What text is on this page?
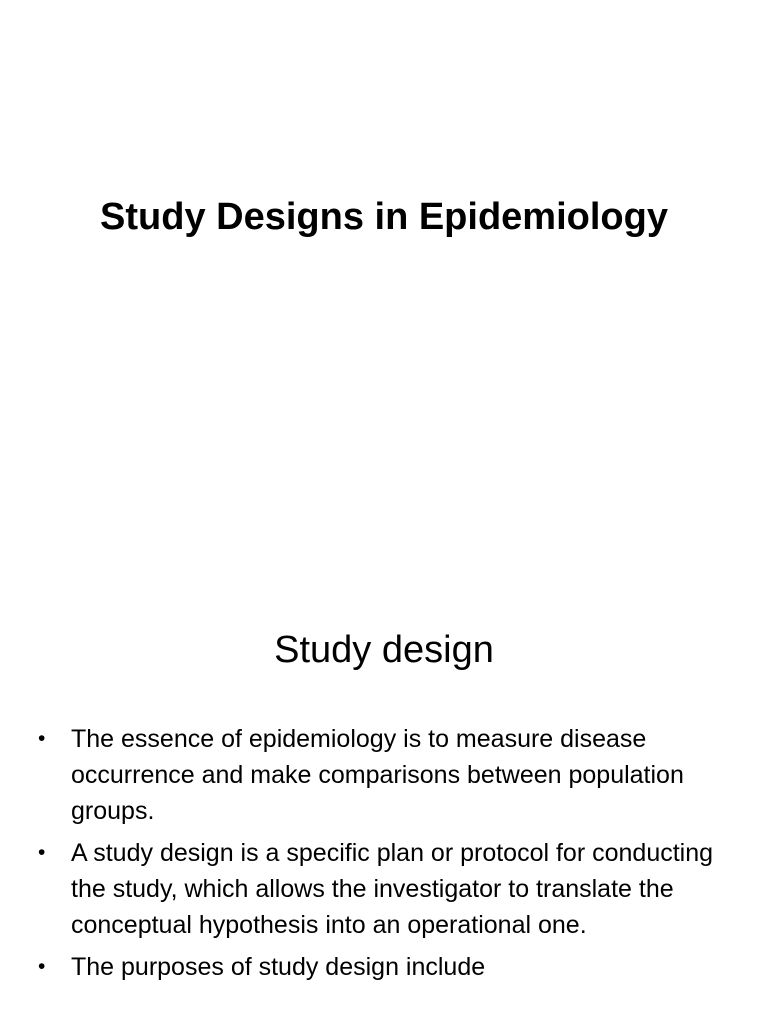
Study Designs in Epidemiology
Study design
•	The essence of epidemiology is to measure disease occurrence and make comparisons between population groups.
•	A study design is a specific plan or protocol for conducting the study, which allows the investigator to translate the conceptual hypothesis into an operational one.
•	The purposes of study design include
